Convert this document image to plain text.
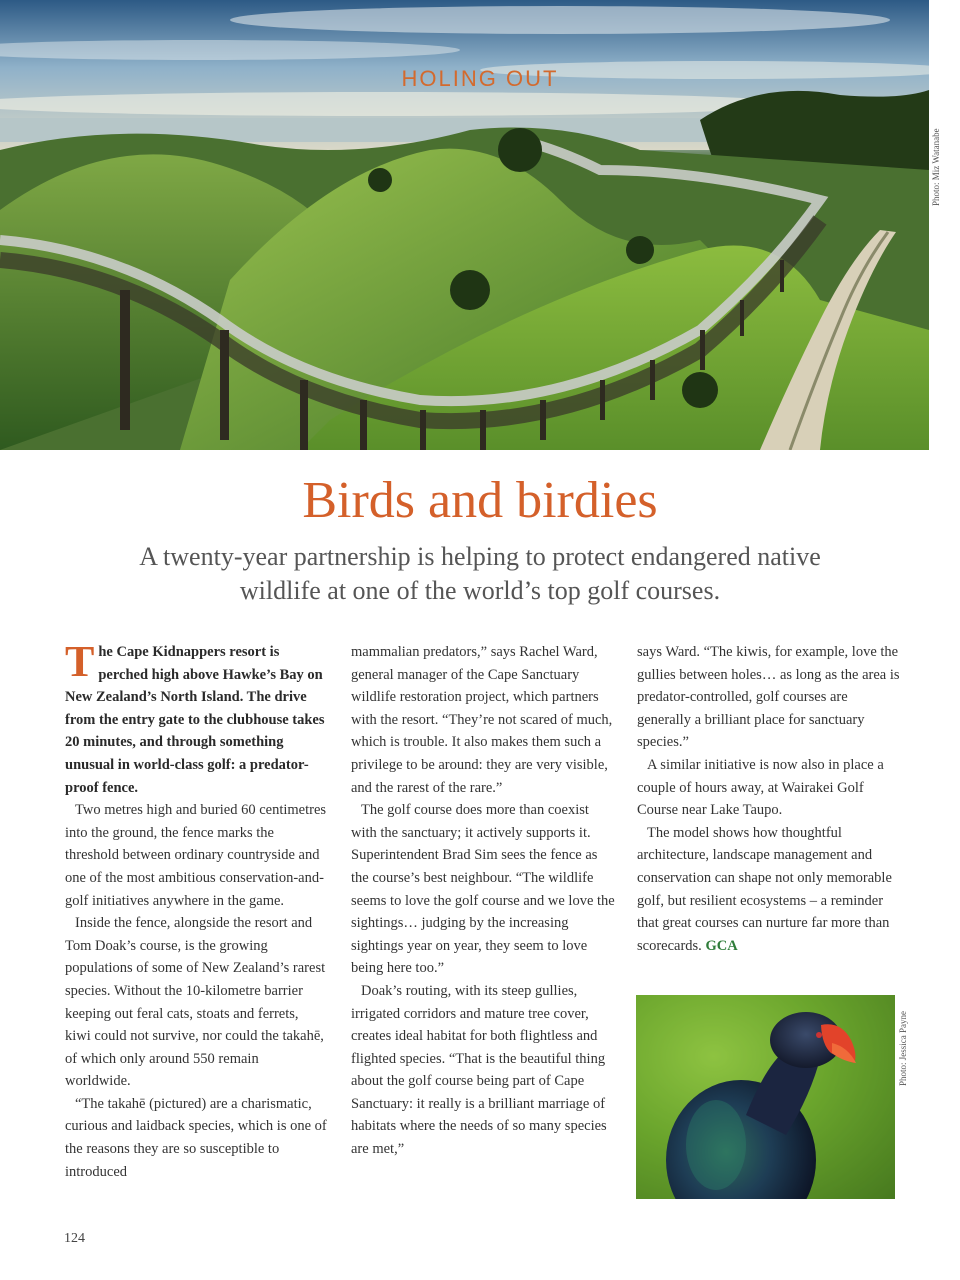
HOLING OUT
Photo: Miz Watanabe
Birds and birdies
A twenty-year partnership is helping to protect endangered native wildlife at one of the world’s top golf courses.

The Cape Kidnappers resort is perched high above Hawke’s Bay on New Zealand’s North Island. The drive from the entry gate to the clubhouse takes 20 minutes, and through something unusual in world-class golf: a predator-proof fence.

Two metres high and buried 60 centimetres into the ground, the fence marks the threshold between ordinary countryside and one of the most ambitious conservation-and-golf initiatives anywhere in the game.

Inside the fence, alongside the resort and Tom Doak’s course, is the growing populations of some of New Zealand’s rarest species. Without the 10-kilometre barrier keeping out feral cats, stoats and ferrets, kiwi could not survive, nor could the takahē, of which only around 550 remain worldwide.

“The takahē (pictured) are a charismatic, curious and laidback species, which is one of the reasons they are so susceptible to introduced

mammalian predators,” says Rachel Ward, general manager of the Cape Sanctuary wildlife restoration project, which partners with the resort. “They’re not scared of much, which is trouble. It also makes them such a privilege to be around: they are very visible, and the rarest of the rare.”

The golf course does more than coexist with the sanctuary; it actively supports it. Superintendent Brad Sim sees the fence as the course’s best neighbour. “The wildlife seems to love the golf course and we love the sightings… judging by the increasing sightings year on year, they seem to love being here too.”

Doak’s routing, with its steep gullies, irrigated corridors and mature tree cover, creates ideal habitat for both flightless and flighted species. “That is the beautiful thing about the golf course being part of Cape Sanctuary: it really is a brilliant marriage of habitats where the needs of so many species are met,”

says Ward. “The kiwis, for example, love the gullies between holes… as long as the area is predator-controlled, golf courses are generally a brilliant place for sanctuary species.”

A similar initiative is now also in place a couple of hours away, at Wairakei Golf Course near Lake Taupo.

The model shows how thoughtful architecture, landscape management and conservation can shape not only memorable golf, but resilient ecosystems – a reminder that great courses can nurture far more than scorecards. GCA

Photo: Jessica Payne
124
